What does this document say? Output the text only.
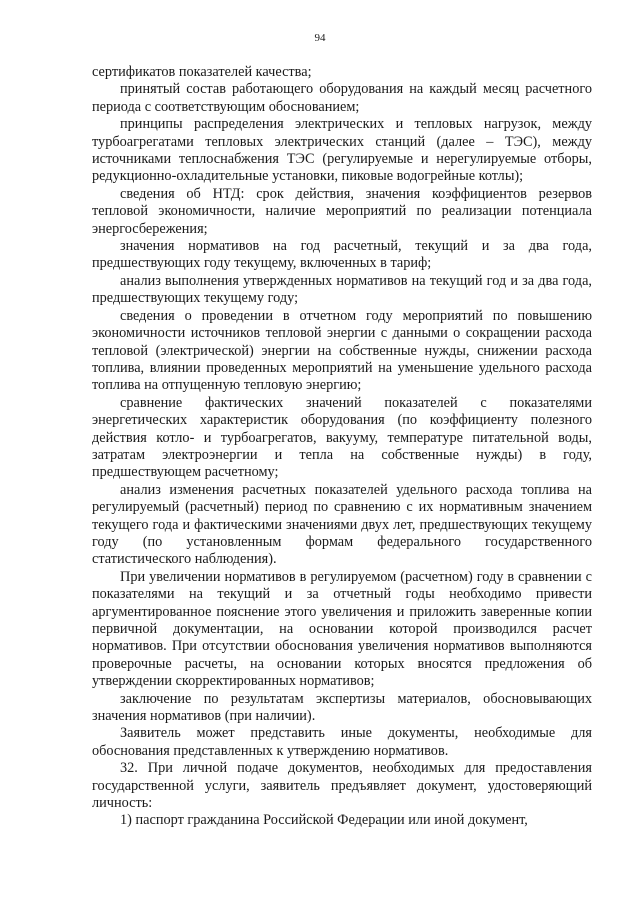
94

сертификатов показателей качества;

принятый состав работающего оборудования на каждый месяц расчетного периода с соответствующим обоснованием;

принципы распределения электрических и тепловых нагрузок, между турбоагрегатами тепловых электрических станций (далее – ТЭС), между источниками теплоснабжения ТЭС (регулируемые и нерегулируемые отборы, редукционно-охладительные установки, пиковые водогрейные котлы);

сведения об НТД: срок действия, значения коэффициентов резервов тепловой экономичности, наличие мероприятий по реализации потенциала энергосбережения;

значения нормативов на год расчетный, текущий и за два года, предшествующих году текущему, включенных в тариф;

анализ выполнения утвержденных нормативов на текущий год и за два года, предшествующих текущему году;

сведения о проведении в отчетном году мероприятий по повышению экономичности источников тепловой энергии с данными о сокращении расхода тепловой (электрической) энергии на собственные нужды, снижении расхода топлива, влиянии проведенных мероприятий на уменьшение удельного расхода топлива на отпущенную тепловую энергию;

сравнение фактических значений показателей с показателями энергетических характеристик оборудования (по коэффициенту полезного действия котло- и турбоагрегатов, вакууму, температуре питательной воды, затратам электроэнергии и тепла на собственные нужды) в году, предшествующем расчетному;

анализ изменения расчетных показателей удельного расхода топлива на регулируемый (расчетный) период по сравнению с их нормативным значением текущего года и фактическими значениями двух лет, предшествующих текущему году (по установленным формам федерального государственного статистического наблюдения).

При увеличении нормативов в регулируемом (расчетном) году в сравнении с показателями на текущий и за отчетный годы необходимо привести аргументированное пояснение этого увеличения и приложить заверенные копии первичной документации, на основании которой производился расчет нормативов. При отсутствии обоснования увеличения нормативов выполняются проверочные расчеты, на основании которых вносятся предложения об утверждении скорректированных нормативов;

заключение по результатам экспертизы материалов, обосновывающих значения нормативов (при наличии).

Заявитель может представить иные документы, необходимые для обоснования представленных к утверждению нормативов.

32. При личной подаче документов, необходимых для предоставления государственной услуги, заявитель предъявляет документ, удостоверяющий личность:

1) паспорт гражданина Российской Федерации или иной документ,
